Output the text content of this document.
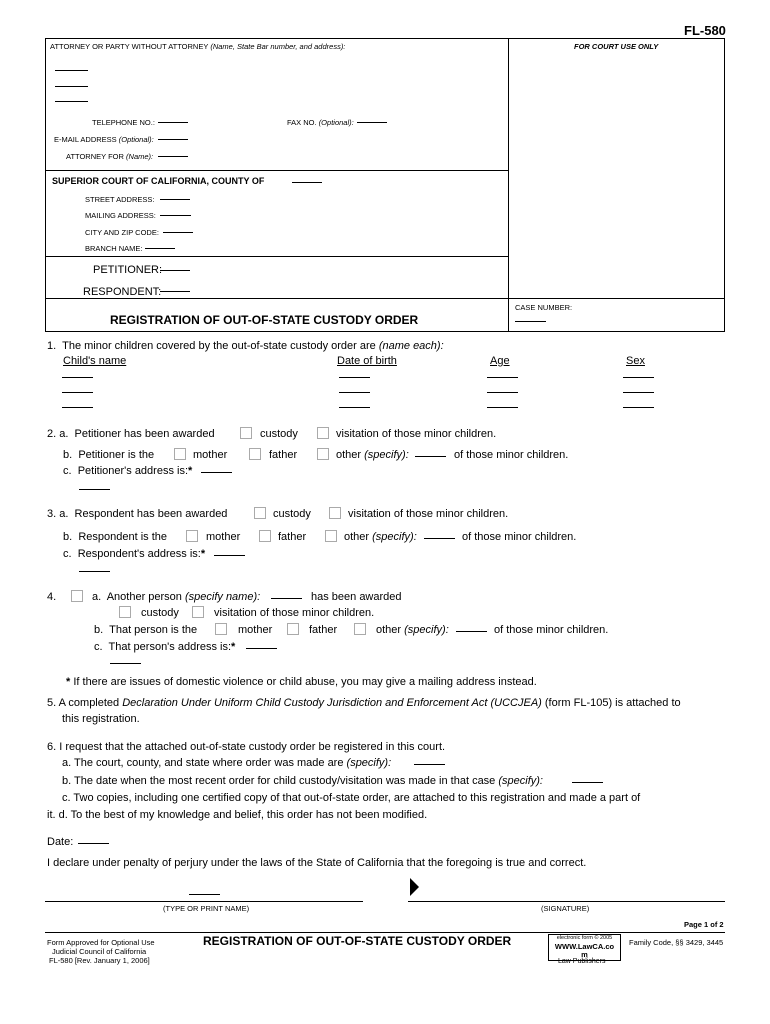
FL-580
ATTORNEY OR PARTY WITHOUT ATTORNEY (Name, State Bar number, and address):	FOR COURT USE ONLY
TELEPHONE NO.:	FAX NO. (Optional):
E-MAIL ADDRESS (Optional):
ATTORNEY FOR (Name):
SUPERIOR COURT OF CALIFORNIA, COUNTY OF
STREET ADDRESS:
MAILING ADDRESS:
CITY AND ZIP CODE:
BRANCH NAME:
PETITIONER:
RESPONDENT:
REGISTRATION OF OUT-OF-STATE CUSTODY ORDER
CASE NUMBER:
1. The minor children covered by the out-of-state custody order are (name each):
Child's name	Date of birth	Age	Sex
2. a. Petitioner has been awarded	custody	visitation of those minor children.
b. Petitioner is the	mother	father	other (specify):	of those minor children.
c. Petitioner's address is:*
3. a. Respondent has been awarded	custody	visitation of those minor children.
b. Respondent is the	mother	father	other (specify):	of those minor children.
c. Respondent's address is:*
4.	a. Another person (specify name):	has been awarded
custody	visitation of those minor children.
b. That person is the	mother	father	other (specify):	of those minor children.
c. That person's address is:*
* If there are issues of domestic violence or child abuse, you may give a mailing address instead.
5. A completed Declaration Under Uniform Child Custody Jurisdiction and Enforcement Act (UCCJEA) (form FL-105) is attached to
this registration.
6. I request that the attached out-of-state custody order be registered in this court.
a. The court, county, and state where order was made are (specify):
b. The date when the most recent order for child custody/visitation was made in that case (specify):
c. Two copies, including one certified copy of that out-of-state order, are attached to this registration and made a part of
it. d. To the best of my knowledge and belief, this order has not been modified.
Date:
I declare under penalty of perjury under the laws of the State of California that the foregoing is true and correct.
(TYPE OR PRINT NAME)	(SIGNATURE)
Page 1 of 2
Form Approved for Optional Use
Judicial Council of California
FL-580 [Rev. January 1, 2006]
REGISTRATION OF OUT-OF-STATE CUSTODY ORDER	electronic form © 2005
WWW.LawCA.co
m
Law Publishers
Family Code, §§ 3429, 3445
